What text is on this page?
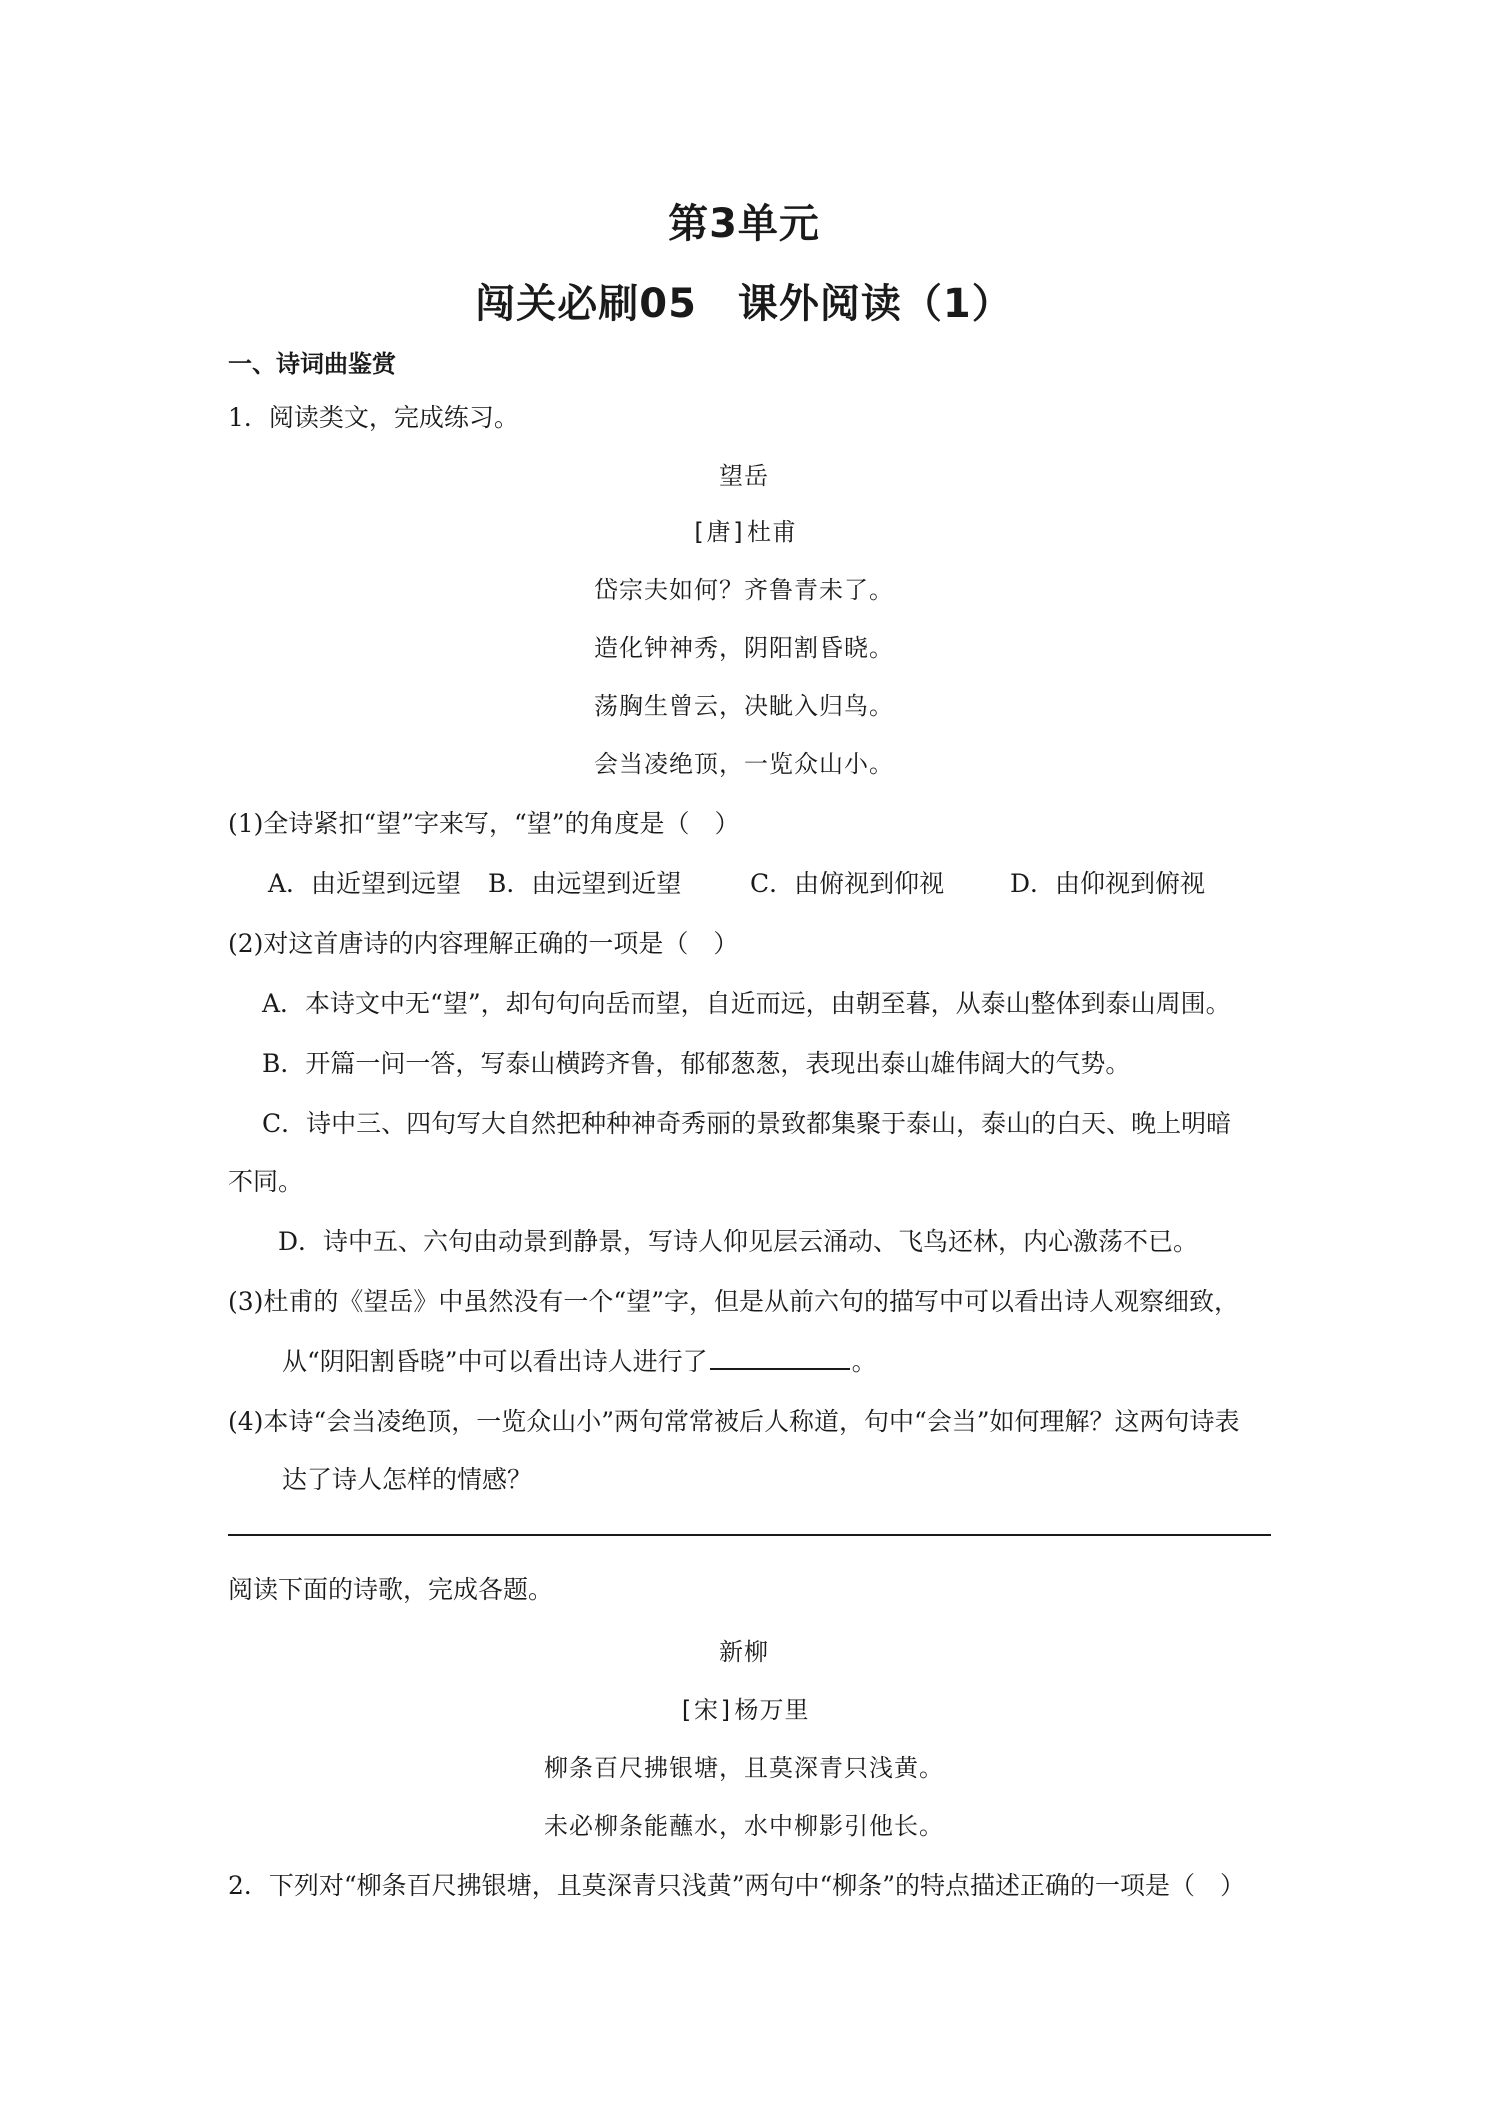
第3单元
闯关必刷05　课外阅读（1）
一、诗词曲鉴赏
1．阅读类文，完成练习。
望岳
[唐]杜甫
岱宗夫如何？齐鲁青未了。
造化钟神秀，阴阳割昏晓。
荡胸生曾云，决眦入归鸟。
会当凌绝顶，一览众山小。
(1)全诗紧扣“望”字来写，“望”的角度是（　）
A．由近望到远望 B．由远望到近望	C．由俯视到仰视	D．由仰视到俯视
(2)对这首唐诗的内容理解正确的一项是（　）
A．本诗文中无“望”，却句句向岳而望，自近而远，由朝至暮，从泰山整体到泰山周围。
B．开篇一问一答，写泰山横跨齐鲁，郁郁葱葱，表现出泰山雄伟阔大的气势。
C．诗中三、四句写大自然把种种神奇秀丽的景致都集聚于泰山，泰山的白天、晚上明暗
不同。
D．诗中五、六句由动景到静景，写诗人仰见层云涌动、飞鸟还林，内心激荡不已。
(3)杜甫的《望岳》中虽然没有一个“望”字，但是从前六句的描写中可以看出诗人观察细致，
从“阴阳割昏晓”中可以看出诗人进行了	。
(4)本诗“会当凌绝顶，一览众山小”两句常常被后人称道，句中“会当”如何理解？这两句诗表
达了诗人怎样的情感？
阅读下面的诗歌，完成各题。
新柳
[宋]杨万里
柳条百尺拂银塘，且莫深青只浅黄。
未必柳条能蘸水，水中柳影引他长。
2．下列对“柳条百尺拂银塘，且莫深青只浅黄”两句中“柳条”的特点描述正确的一项是（　）
